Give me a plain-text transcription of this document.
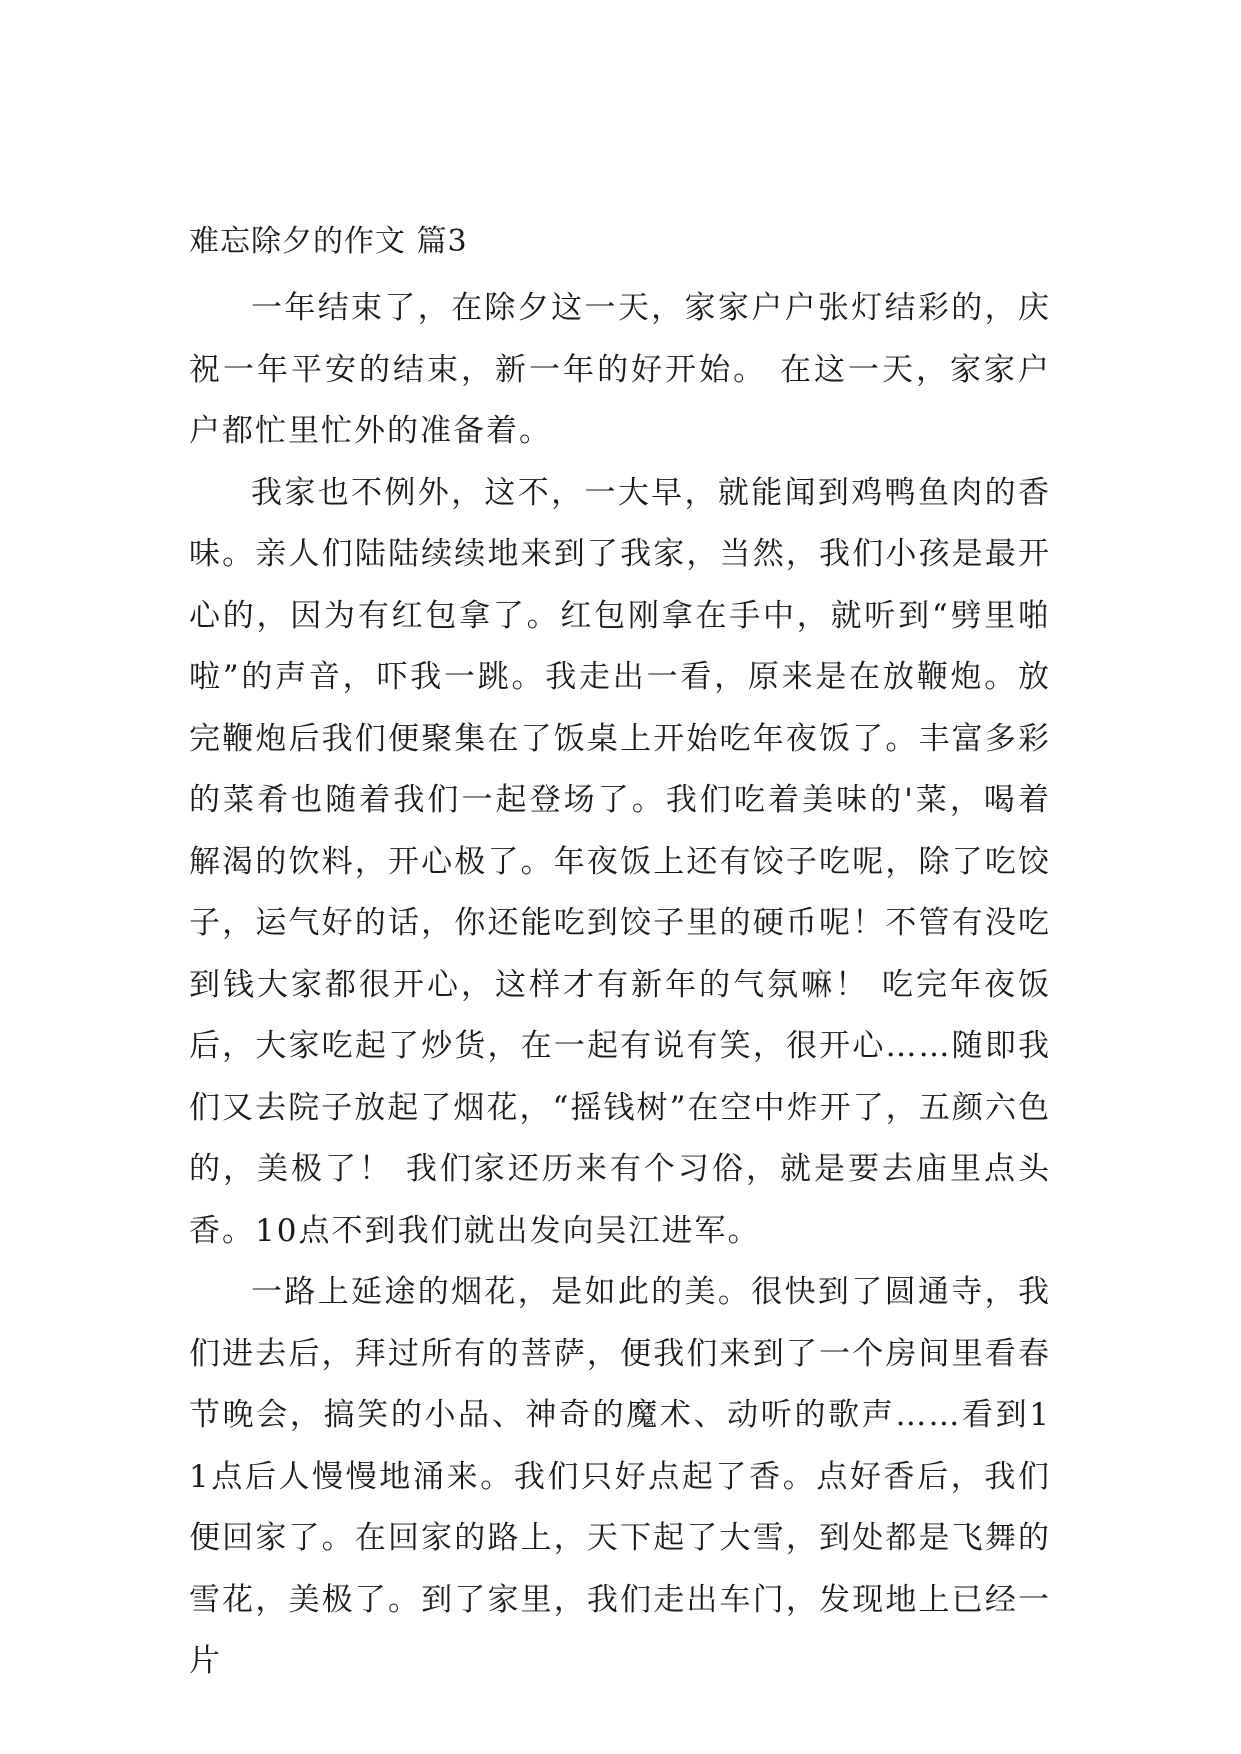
难忘除夕的作文 篇3

一年结束了，在除夕这一天，家家户户张灯结彩的，庆祝一年平安的结束，新一年的好开始。 在这一天，家家户户都忙里忙外的准备着。

我家也不例外，这不，一大早，就能闻到鸡鸭鱼肉的香味。亲人们陆陆续续地来到了我家，当然，我们小孩是最开心的，因为有红包拿了。红包刚拿在手中，就听到“劈里啪啦”的声音，吓我一跳。我走出一看，原来是在放鞭炮。放完鞭炮后我们便聚集在了饭桌上开始吃年夜饭了。丰富多彩的菜肴也随着我们一起登场了。我们吃着美味的'菜，喝着解渴的饮料，开心极了。年夜饭上还有饺子吃呢，除了吃饺子，运气好的话，你还能吃到饺子里的硬币呢！不管有没吃到钱大家都很开心，这样才有新年的气氛嘛！ 吃完年夜饭后，大家吃起了炒货，在一起有说有笑，很开心……随即我们又去院子放起了烟花，“摇钱树”在空中炸开了，五颜六色的，美极了！ 我们家还历来有个习俗，就是要去庙里点头香。10点不到我们就出发向吴江进军。

一路上延途的烟花，是如此的美。很快到了圆通寺，我们进去后，拜过所有的菩萨，便我们来到了一个房间里看春节晚会，搞笑的小品、神奇的魔术、动听的歌声……看到11点后人慢慢地涌来。我们只好点起了香。点好香后，我们便回家了。在回家的路上，天下起了大雪，到处都是飞舞的雪花，美极了。到了家里，我们走出车门，发现地上已经一片
